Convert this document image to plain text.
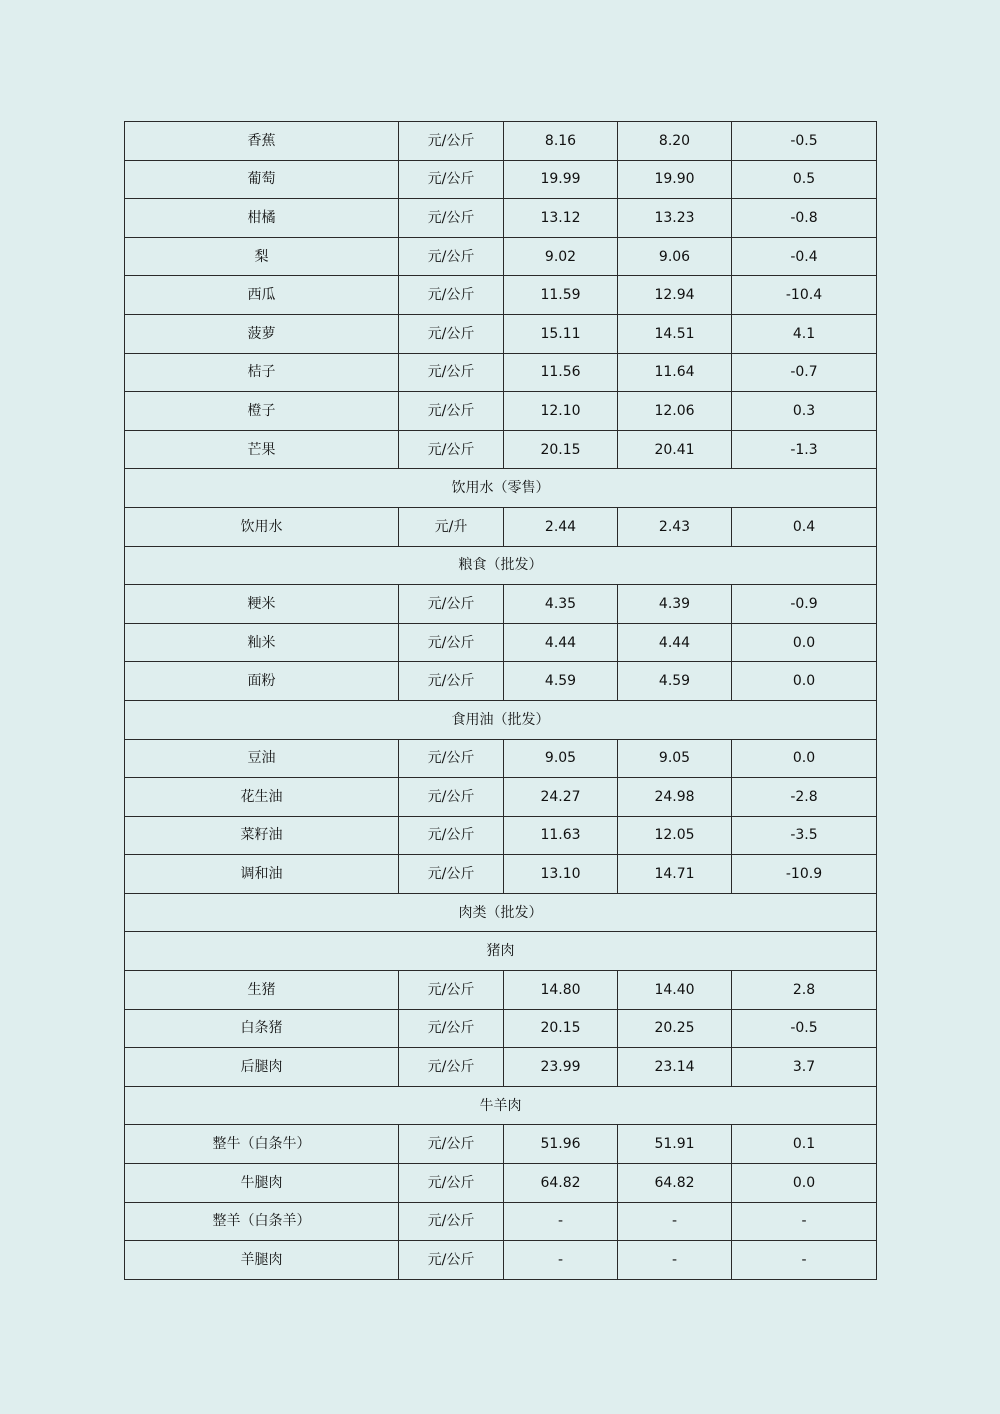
香蕉	元/公斤	8.16	8.20	-0.5
葡萄	元/公斤	19.99	19.90	0.5
柑橘	元/公斤	13.12	13.23	-0.8
梨	元/公斤	9.02	9.06	-0.4
西瓜	元/公斤	11.59	12.94	-10.4
菠萝	元/公斤	15.11	14.51	4.1
桔子	元/公斤	11.56	11.64	-0.7
橙子	元/公斤	12.10	12.06	0.3
芒果	元/公斤	20.15	20.41	-1.3
饮用水（零售）				
饮用水	元/升	2.44	2.43	0.4
粮食（批发）				
粳米	元/公斤	4.35	4.39	-0.9
籼米	元/公斤	4.44	4.44	0.0
面粉	元/公斤	4.59	4.59	0.0
食用油（批发）				
豆油	元/公斤	9.05	9.05	0.0
花生油	元/公斤	24.27	24.98	-2.8
菜籽油	元/公斤	11.63	12.05	-3.5
调和油	元/公斤	13.10	14.71	-10.9
肉类（批发）				
猪肉				
生猪	元/公斤	14.80	14.40	2.8
白条猪	元/公斤	20.15	20.25	-0.5
后腿肉	元/公斤	23.99	23.14	3.7
牛羊肉				
整牛（白条牛）	元/公斤	51.96	51.91	0.1
牛腿肉	元/公斤	64.82	64.82	0.0
整羊（白条羊）	元/公斤	-	-	-
羊腿肉	元/公斤	-	-	-
